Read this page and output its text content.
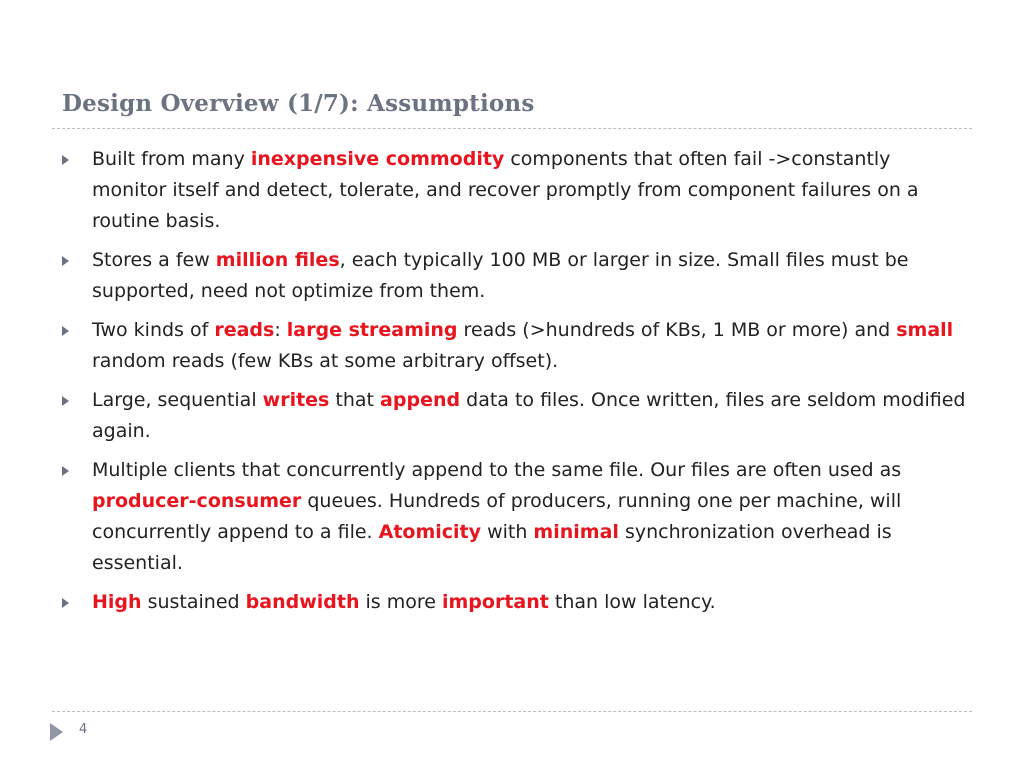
Design Overview (1/7): Assumptions
Built from many inexpensive commodity components that often fail ->constantly monitor itself and detect, tolerate, and recover promptly from component failures on a routine basis.
Stores a few million files, each typically 100 MB or larger in size. Small files must be supported, need not optimize from them.
Two kinds of reads: large streaming reads (>hundreds of KBs, 1 MB or more) and small random reads (few KBs at some arbitrary offset).
Large, sequential writes that append data to files. Once written, files are seldom modified again.
Multiple clients that concurrently append to the same file. Our files are often used as producer-consumer queues. Hundreds of producers, running one per machine, will concurrently append to a file. Atomicity with minimal synchronization overhead is essential.
High sustained bandwidth is more important than low latency.
4
